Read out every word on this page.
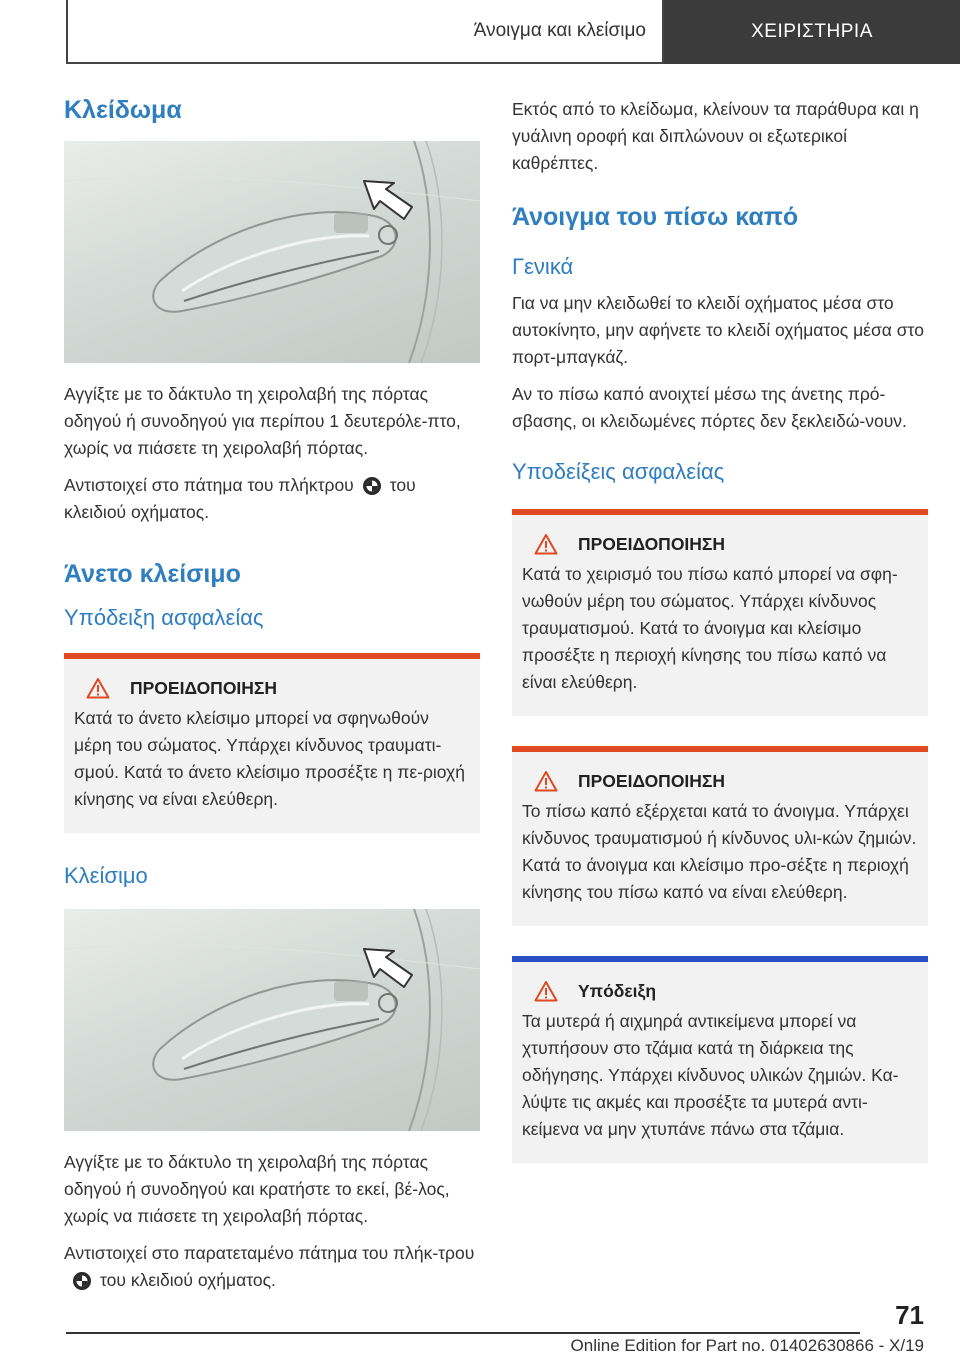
Άνοιγμα και κλείσιμο	ΧΕΙΡΙΣΤΗΡΙΑ
Κλείδωμα

Αγγίξτε με το δάκτυλο τη χειρολαβή της πόρτας οδηγού ή συνοδηγού για περίπου 1 δευτερόλε-πτο, χωρίς να πιάσετε τη χειρολαβή πόρτας.

Αντιστοιχεί στο πάτημα του πλήκτρου του κλειδιού οχήματος.

Άνετο κλείσιμο
Υπόδειξη ασφαλείας
ΠΡΟΕΙΔΟΠΟΙΗΣΗ

Κατά το άνετο κλείσιμο μπορεί να σφηνωθούν μέρη του σώματος. Υπάρχει κίνδυνος τραυματι-σμού. Κατά το άνετο κλείσιμο προσέξτε η πε-ριοχή κίνησης να είναι ελεύθερη.

Κλείσιμο

Αγγίξτε με το δάκτυλο τη χειρολαβή της πόρτας οδηγού ή συνοδηγού και κρατήστε το εκεί, βέ-λος, χωρίς να πιάσετε τη χειρολαβή πόρτας.

Αντιστοιχεί στο παρατεταμένο πάτημα του πλήκ-τρουτου κλειδιού οχήματος.

Εκτός από το κλείδωμα, κλείνουν τα παράθυρα και η γυάλινη οροφή και διπλώνουν οι εξωτερικοί καθρέπτες.

Άνοιγμα του πίσω καπό
Γενικά

Για να μην κλειδωθεί το κλειδί οχήματος μέσα στο αυτοκίνητο, μην αφήνετε το κλειδί οχήματος μέσα στο πορτ-μπαγκάζ.

Αν το πίσω καπό ανοιχτεί μέσω της άνετης πρό-σβασης, οι κλειδωμένες πόρτες δεν ξεκλειδώ-νουν.

Υποδείξεις ασφαλείας
ΠΡΟΕΙΔΟΠΟΙΗΣΗ

Κατά το χειρισμό του πίσω καπό μπορεί να σφη-νωθούν μέρη του σώματος. Υπάρχει κίνδυνος τραυματισμού. Κατά το άνοιγμα και κλείσιμο προσέξτε η περιοχή κίνησης του πίσω καπό να είναι ελεύθερη.

ΠΡΟΕΙΔΟΠΟΙΗΣΗ

Το πίσω καπό εξέρχεται κατά το άνοιγμα. Υπάρχει κίνδυνος τραυματισμού ή κίνδυνος υλι-κών ζημιών. Κατά το άνοιγμα και κλείσιμο προ-σέξτε η περιοχή κίνησης του πίσω καπό να είναι ελεύθερη.

Υπόδειξη

Τα μυτερά ή αιχμηρά αντικείμενα μπορεί να χτυπήσουν στο τζάμια κατά τη διάρκεια της οδήγησης. Υπάρχει κίνδυνος υλικών ζημιών. Κα-λύψτε τις ακμές και προσέξτε τα μυτερά αντι-κείμενα να μην χτυπάνε πάνω στα τζάμια.

71
Online Edition for Part no. 01402630866 - X/19
